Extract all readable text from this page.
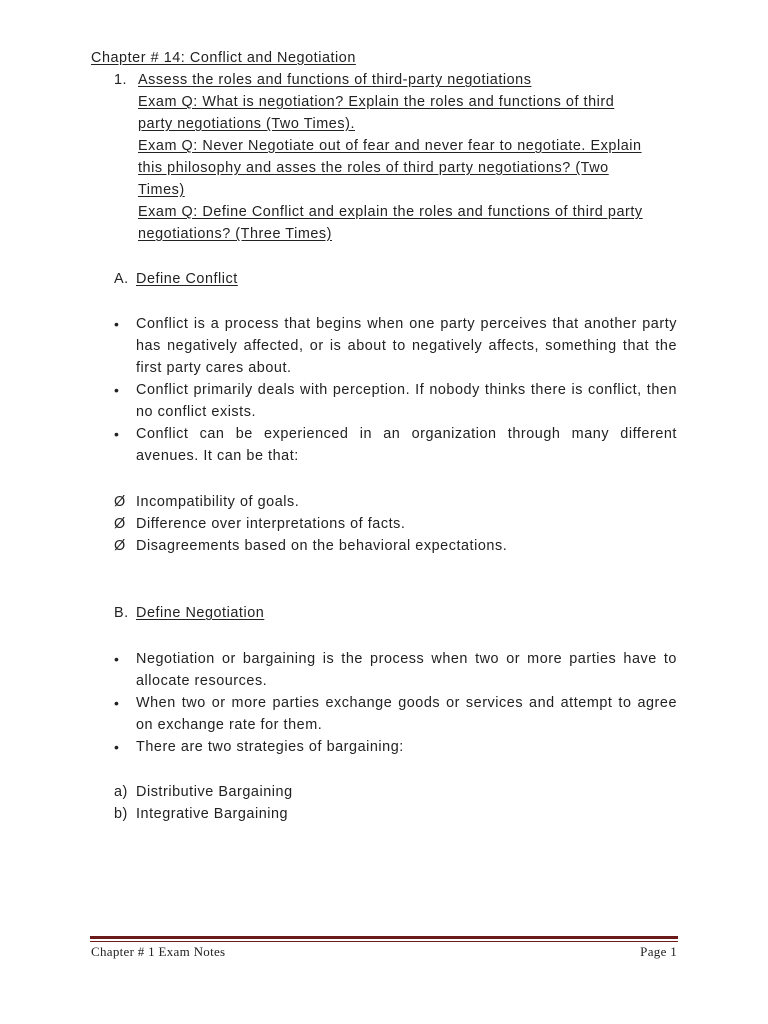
Chapter # 14: Conflict and Negotiation
1. Assess the roles and functions of third-party negotiations
Exam Q: What is negotiation? Explain the roles and functions of third
party negotiations (Two Times).
Exam Q: Never Negotiate out of fear and never fear to negotiate. Explain
this philosophy and asses the roles of third party negotiations? (Two
Times)
Exam Q: Define Conflict and explain the roles and functions of third party
negotiations? (Three Times)
A. Define Conflict
•	Conflict is a process that begins when one party perceives that another party has negatively affected, or is about to negatively affects, something that the first party cares about.
•	Conflict primarily deals with perception. If nobody thinks there is conflict, then no conflict exists.
•	Conflict can be experienced in an organization through many different avenues. It can be that:
Ø Incompatibility of goals.
Ø Difference over interpretations of facts.
Ø Disagreements based on the behavioral expectations.
B. Define Negotiation
•	Negotiation or bargaining is the process when two or more parties have to allocate resources.
•	When two or more parties exchange goods or services and attempt to agree on exchange rate for them.
•	There are two strategies of bargaining:
a) Distributive Bargaining
b) Integrative Bargaining
Chapter # 1 Exam Notes	Page 1
